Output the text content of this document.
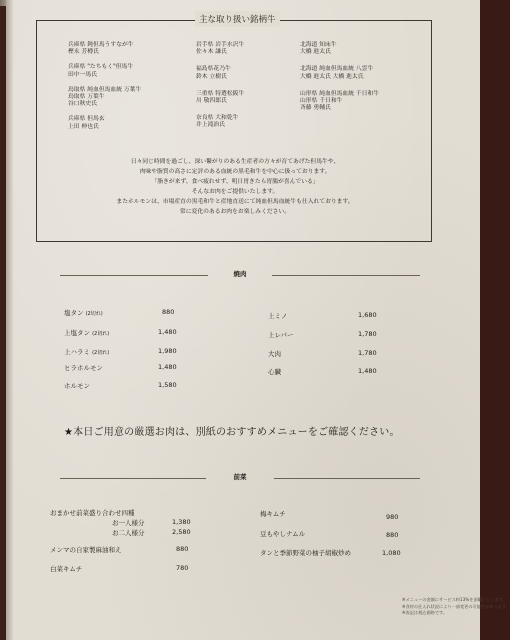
主な取り扱い銘柄牛
兵庫県 鈍但馬うすなが牛
樫永 芳樽氏
兵庫県 "たちもく"但馬牛
田中一馬氏
鳥取県 純血但馬血統 万葉牛
鳥取県 万葉牛
谷口秋史氏
兵庫県 但馬玄
上田 伸也氏
岩手県 岩手水沢牛
佐々木 謙氏
福島県花乃牛
鈴木 立樹氏
三重県 特選松阪牛
川 敬四郎氏
奈良県 大和乾牛
井上滝治氏
北海道 知床牛
大橋 進太氏
北海道 純血但馬血統 八雲牛
大橋 進太氏 大橋 進太氏
山形県 純血但馬血統 千日和牛
山形県 千日和牛
斉藤 勇輔氏
日々同じ時間を過ごし、深い繋がりのある生産者の方々が育てあげた但馬牛や、
肉味や脂質の高さに定評のある血統の黒毛和牛を中心に扱っております。
「脂きが来ず、食べ疲れせず、明日胃きたら胃腸が喜んでいる」
そんなお肉をご提供いたします。
またホルモンは、市場産直の黒毛和牛と産地直送にて純血但馬血統牛も仕入れております。
常に変化のあるお肉をお楽しみください。
焼肉
塩タン (2切れ)	880
上塩タン (2切れ)	1,480
上ハラミ (2切れ)	1,980
ヒラホルモン	1,480
ホルモン	1,580
上ミノ	1,680
上レバー	1,780
大肉	1,780
心臓	1,480
★本日ご用意の厳選お肉は、別紙のおすすめメニューをご確認ください。
前菜
おまかせ前菜盛り合わせ四種
お一人様分	1,380
お二人様分	2,580
メンマの自家製麻油和え	880
白菜キムチ	780
梅キムチ	980
豆もやしナムル	880
タンと季節野菜の柚子胡椒炒め	1,080
※メニューの金額にサービス料13%を頂戴いたします。
※食材の仕入れ状況により一部変更の可能性があります。
※表記は税込価格です。
